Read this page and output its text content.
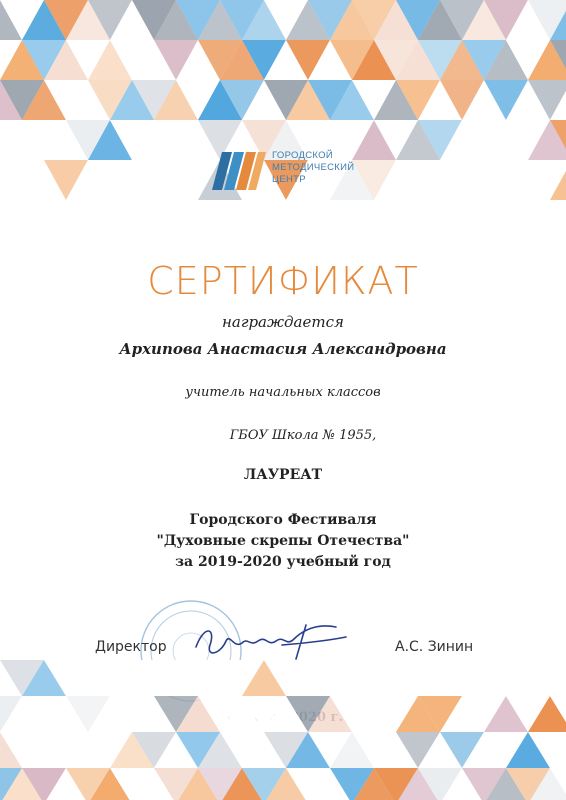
ГОРОДСКОЙ
МЕТОДИЧЕСКИЙ
ЦЕНТР
СЕРТИФИКАТ
награждается
Архипова Анастасия Александровна
учитель начальных классов
ГБОУ Школа № 1955,
ЛАУРЕАТ
Городского Фестиваля
"Духовные скрепы Отечества"
за 2019-2020 учебный год
Директор	А.С. Зинин
